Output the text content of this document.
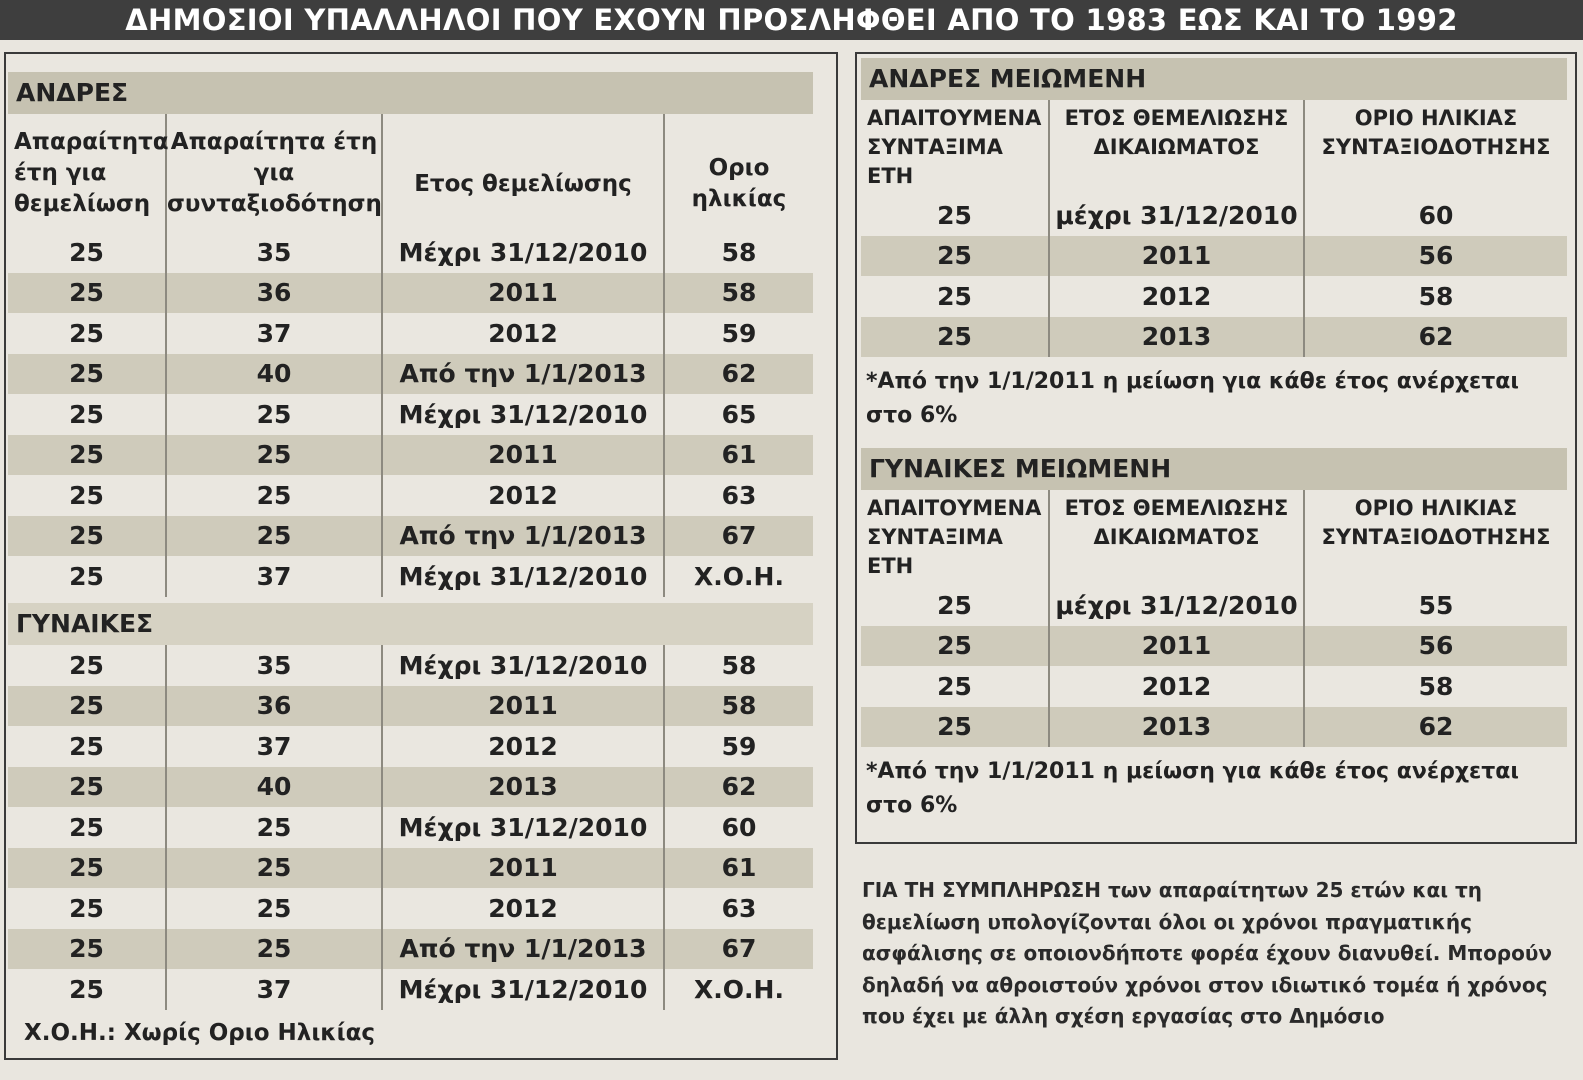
ΔΗΜΟΣΙΟΙ ΥΠΑΛΛΗΛΟΙ ΠΟΥ ΕΧΟΥΝ ΠΡΟΣΛΗΦΘΕΙ ΑΠΟ ΤΟ 1983 ΕΩΣ ΚΑΙ ΤΟ 1992
ΑΝΔΡΕΣ
Απαραίτητα έτη για θεμελίωση	Απαραίτητα έτη για συνταξιοδότηση	Ετος θεμελίωσης	Οριο ηλικίας
25	35	Μέχρι 31/12/2010	58
25	36	2011	58
25	37	2012	59
25	40	Από την 1/1/2013	62
25	25	Μέχρι 31/12/2010	65
25	25	2011	61
25	25	2012	63
25	25	Από την 1/1/2013	67
25	37	Μέχρι 31/12/2010	Χ.Ο.Η.
ΓΥΝΑΙΚΕΣ
25	35	Μέχρι 31/12/2010	58
25	36	2011	58
25	37	2012	59
25	40	2013	62
25	25	Μέχρι 31/12/2010	60
25	25	2011	61
25	25	2012	63
25	25	Από την 1/1/2013	67
25	37	Μέχρι 31/12/2010	Χ.Ο.Η.
Χ.Ο.Η.: Χωρίς Οριο Ηλικίας
ΑΝΔΡΕΣ ΜΕΙΩΜΕΝΗ
ΑΠΑΙΤΟΥΜΕΝΑ ΣΥΝΤΑΞΙΜΑ ΕΤΗ	ΕΤΟΣ ΘΕΜΕΛΙΩΣΗΣ ΔΙΚΑΙΩΜΑΤΟΣ	ΟΡΙΟ ΗΛΙΚΙΑΣ ΣΥΝΤΑΞΙΟΔΟΤΗΣΗΣ
25	μέχρι 31/12/2010	60
25	2011	56
25	2012	58
25	2013	62
*Από την 1/1/2011 η μείωση για κάθε έτος ανέρχεται στο 6%
ΓΥΝΑΙΚΕΣ ΜΕΙΩΜΕΝΗ
ΑΠΑΙΤΟΥΜΕΝΑ ΣΥΝΤΑΞΙΜΑ ΕΤΗ	ΕΤΟΣ ΘΕΜΕΛΙΩΣΗΣ ΔΙΚΑΙΩΜΑΤΟΣ	ΟΡΙΟ ΗΛΙΚΙΑΣ ΣΥΝΤΑΞΙΟΔΟΤΗΣΗΣ
25	μέχρι 31/12/2010	55
25	2011	56
25	2012	58
25	2013	62
*Από την 1/1/2011 η μείωση για κάθε έτος ανέρχεται στο 6%
ΓΙΑ ΤΗ ΣΥΜΠΛΗΡΩΣΗ των απαραίτητων 25 ετών και τη θεμελίωση υπολογίζονται όλοι οι χρόνοι πραγματικής ασφάλισης σε οποιονδήποτε φορέα έχουν διανυθεί. Μπορούν δηλαδή να αθροιστούν χρόνοι στον ιδιωτικό τομέα ή χρόνος που έχει με άλλη σχέση εργασίας στο Δημόσιο
